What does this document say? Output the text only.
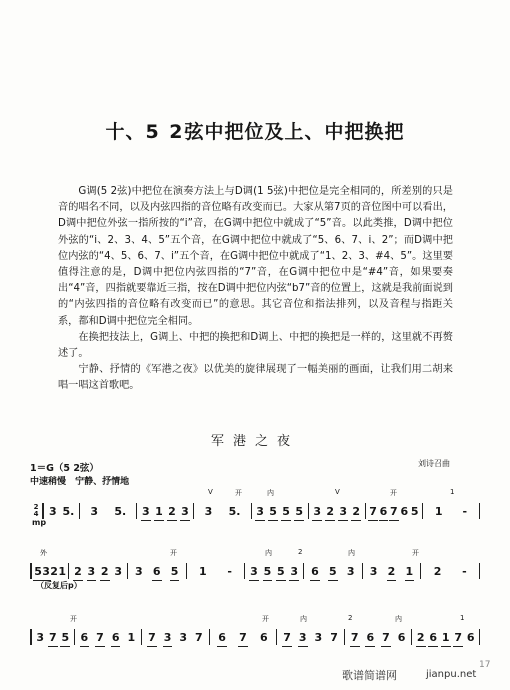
十、5 2弦中把位及上、中把换把

G调(5 2弦)中把位在演奏方法上与D调(1 5弦)中把位是完全相同的，所差别的只是音的唱名不同，以及内弦四指的音位略有改变而已。大家从第7页的音位图中可以看出，D调中把位外弦一指所按的“i”音，在G调中把位中就成了“5”音。以此类推，D调中把位外弦的“i、2、3、4、5”五个音，在G调中把位中就成了“5、6、7、i、2”；而D调中把位内弦的“4、5、6、7、i”五个音，在G调中把位中就成了“1、2、3、#4、5”。这里要值得注意的是，D调中把位内弦四指的“7”音，在G调中把位中是“#4”音，如果要奏出“4”音，四指就要靠近三指，按在D调中把位内弦“b7”音的位置上，这就是我前面说到的“内弦四指的音位略有改变而已”的意思。其它音位和指法排列，以及音程与指距关系，都和D调中把位完全相同。

在换把技法上，G调上、中把的换把和D调上、中把的换把是一样的，这里就不再赘述了。

宁静、抒情的《军港之夜》以优美的旋律展现了一幅美丽的画面，让我们用二胡来唱一唱这首歌吧。

军港之夜
刘诗召曲
1＝G（5 2弦）
中速稍慢 宁静、抒情地
V	开	内	V	开	1
2
4 3 5. 3 5. 3 1 2 3 3 5. 3 5 5 5 3 2 3 2 7 6 7 6 5 1 -
mp
外	开	内	2	内	开
5 3 2 1 2 3 2 3 3 6 5 1 - 3 5 5 3 6 5 3 3 2 1 2 -
（反复后p）
开	开	内	2	内	1
3 7 5 6 7 6 1 7 3 3 7 6 7 6 7 3 3 7 7 6 7 6 2 6 1 7 6
17
歌谱简谱网	jianpu.net
